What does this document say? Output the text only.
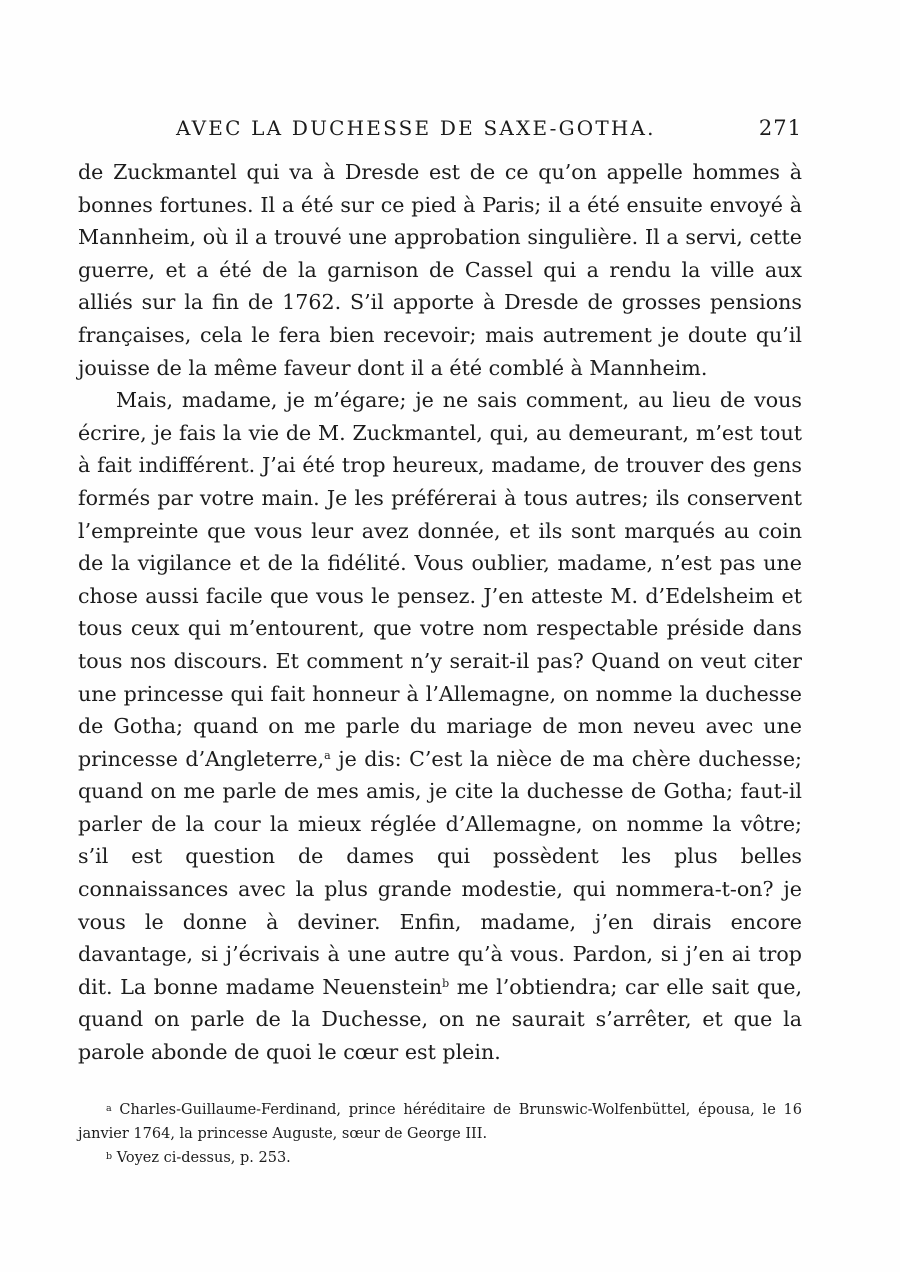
AVEC LA DUCHESSE DE SAXE-GOTHA.	271

de Zuckmantel qui va à Dresde est de ce qu’on appelle hommes à bonnes fortunes. Il a été sur ce pied à Paris; il a été ensuite envoyé à Mannheim, où il a trouvé une approbation singulière. Il a servi, cette guerre, et a été de la garnison de Cassel qui a rendu la ville aux alliés sur la fin de 1762. S’il apporte à Dresde de grosses pensions françaises, cela le fera bien recevoir; mais autrement je doute qu’il jouisse de la même faveur dont il a été comblé à Mannheim.

Mais, madame, je m’égare; je ne sais comment, au lieu de vous écrire, je fais la vie de M. Zuckmantel, qui, au demeurant, m’est tout à fait indifférent. J’ai été trop heureux, madame, de trouver des gens formés par votre main. Je les préférerai à tous autres; ils conservent l’empreinte que vous leur avez donnée, et ils sont marqués au coin de la vigilance et de la fidélité. Vous oublier, madame, n’est pas une chose aussi facile que vous le pensez. J’en atteste M. d’Edelsheim et tous ceux qui m’entourent, que votre nom respectable préside dans tous nos discours. Et comment n’y serait-il pas? Quand on veut citer une princesse qui fait honneur à l’Allemagne, on nomme la duchesse de Gotha; quand on me parle du mariage de mon neveu avec une princesse d’Angleterre,$^a$ je dis: C’est la nièce de ma chère duchesse; quand on me parle de mes amis, je cite la duchesse de Gotha; faut-il parler de la cour la mieux réglée d’Allemagne, on nomme la vôtre; s’il est question de dames qui possèdent les plus belles connaissances avec la plus grande modestie, qui nommera-t-on? je vous le donne à deviner. Enfin, madame, j’en dirais encore davantage, si j’écrivais à une autre qu’à vous. Pardon, si j’en ai trop dit. La bonne madame Neuenstein$^b$ me l’obtiendra; car elle sait que, quand on parle de la Duchesse, on ne saurait s’arrêter, et que la parole abonde de quoi le cœur est plein.

$^a$ Charles-Guillaume-Ferdinand, prince héréditaire de Brunswic-Wolfenbüttel, épousa, le 16 janvier 1764, la princesse Auguste, sœur de George III.

$^b$ Voyez ci-dessus, p. 253.
